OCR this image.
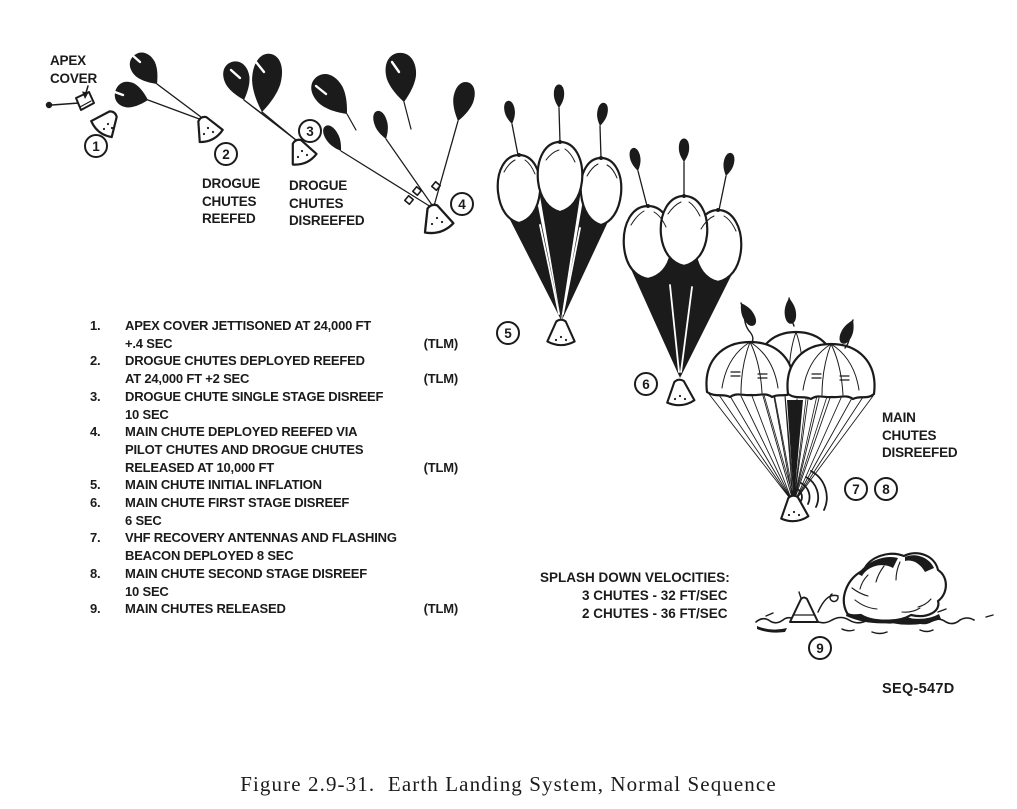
1
2
3
4
5
6
7	8
9
APEX
COVER
DROGUE
CHUTES
REEFED
DROGUE
CHUTES
DISREEFED
MAIN
CHUTES
DISREEFED
1.	APEX COVER JETTISONED AT 24,000 FT
+.4 SEC	(TLM)
2.	DROGUE CHUTES DEPLOYED REEFED
AT 24,000 FT +2 SEC	(TLM)
3.	DROGUE CHUTE SINGLE STAGE DISREEF
10 SEC
4.	MAIN CHUTE DEPLOYED REEFED VIA
PILOT CHUTES AND DROGUE CHUTES
RELEASED AT 10,000 FT	(TLM)
5.	MAIN CHUTE INITIAL INFLATION
6.	MAIN CHUTE FIRST STAGE DISREEF
6 SEC
7.	VHF RECOVERY ANTENNAS AND FLASHING
BEACON DEPLOYED 8 SEC
8.	MAIN CHUTE SECOND STAGE DISREEF
10 SEC
9.	MAIN CHUTES RELEASED	(TLM)
SPLASH DOWN VELOCITIES:
3 CHUTES - 32 FT/SEC
2 CHUTES - 36 FT/SEC
SEQ-547D
Figure 2.9-31.  Earth Landing System, Normal Sequence
